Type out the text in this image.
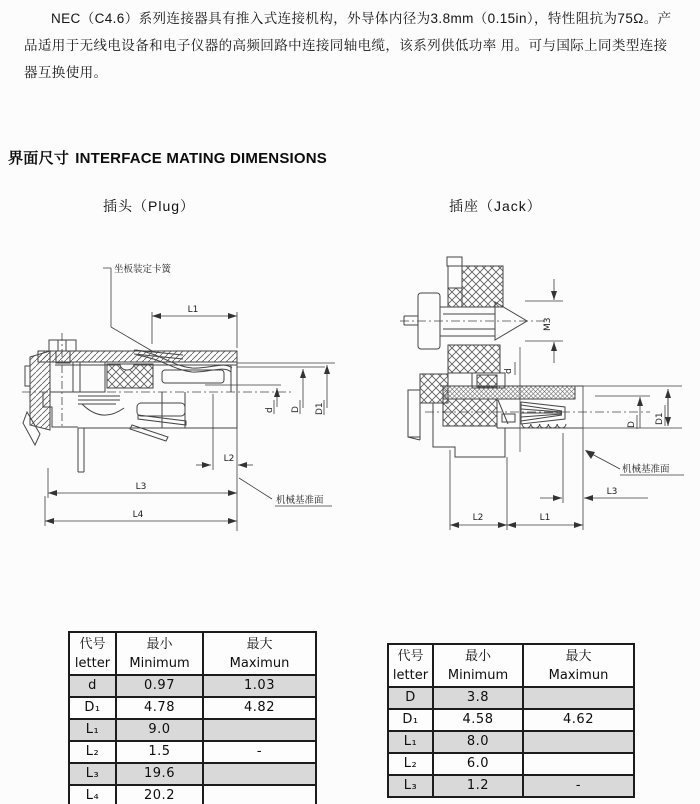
NEC（C4.6）系列连接器具有推入式连接机构，外导体内径为3.8mm（0.15in），特性阻抗为75Ω。产品适用于无线电设备和电子仪器的高频回路中连接同轴电缆，该系列供低功率 用。可与国际上同类型连接器互换使用。

界面尺寸 INTERFACE MATING DIMENSIONS
插头（Plug）	插座（Jack）
L1
L2
L3
L4
d D D1
坐板装定卡簧
机械基准面
M3
d
D D1
L2	L1
L3
机械基准面
代号
letter

最小
Minimum

最大
Maximun

d	0.97	1.03
D₁	4.78	4.82
L₁	9.0	
L₂	1.5	-
L₃	19.6	
L₄	20.2	
代号
letter

最小
Minimum

最大
Maximun

D	3.8	
D₁	4.58	4.62
L₁	8.0	
L₂	6.0	
L₃	1.2	-
